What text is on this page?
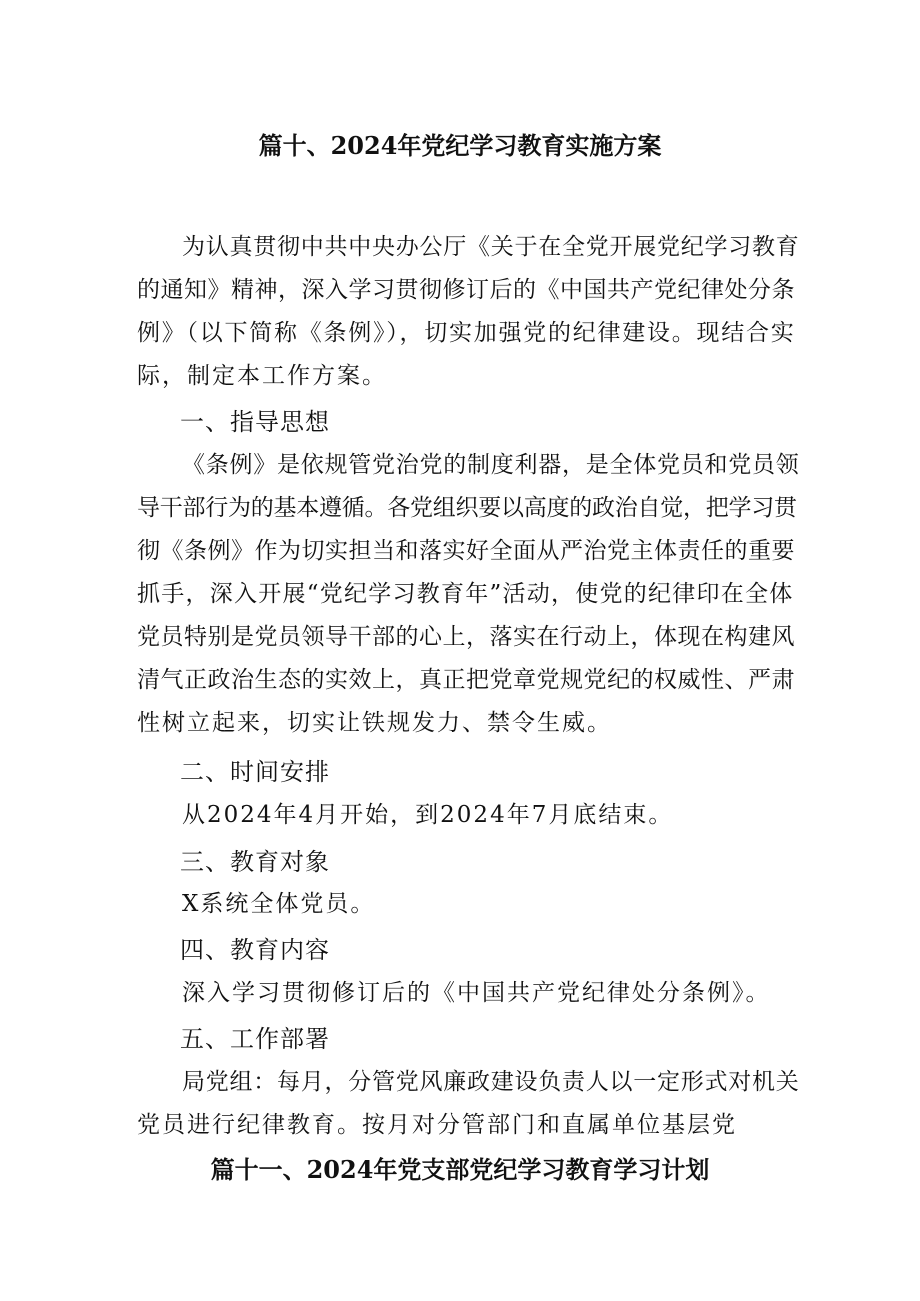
篇十、2024年党纪学习教育实施方案
为认真贯彻中共中央办公厅《关于在全党开展党纪学习教育
的通知》精神，深入学习贯彻修订后的《中国共产党纪律处分条
例》（以下简称《条例》），切实加强党的纪律建设。现结合实
际，制定本工作方案。
一、指导思想
《条例》是依规管党治党的制度利器，是全体党员和党员领
导干部行为的基本遵循。各党组织要以高度的政治自觉，把学习贯
彻《条例》作为切实担当和落实好全面从严治党主体责任的重要
抓手，深入开展“党纪学习教育年”活动，使党的纪律印在全体
党员特别是党员领导干部的心上，落实在行动上，体现在构建风
清气正政治生态的实效上，真正把党章党规党纪的权威性、严肃
性树立起来，切实让铁规发力、禁令生威。
二、时间安排
从2024年4月开始，到2024年7月底结束。
三、教育对象
X系统全体党员。
四、教育内容
深入学习贯彻修订后的《中国共产党纪律处分条例》。
五、工作部署
局党组：每月，分管党风廉政建设负责人以一定形式对机关
党员进行纪律教育。按月对分管部门和直属单位基层党
篇十一、2024年党支部党纪学习教育学习计划
